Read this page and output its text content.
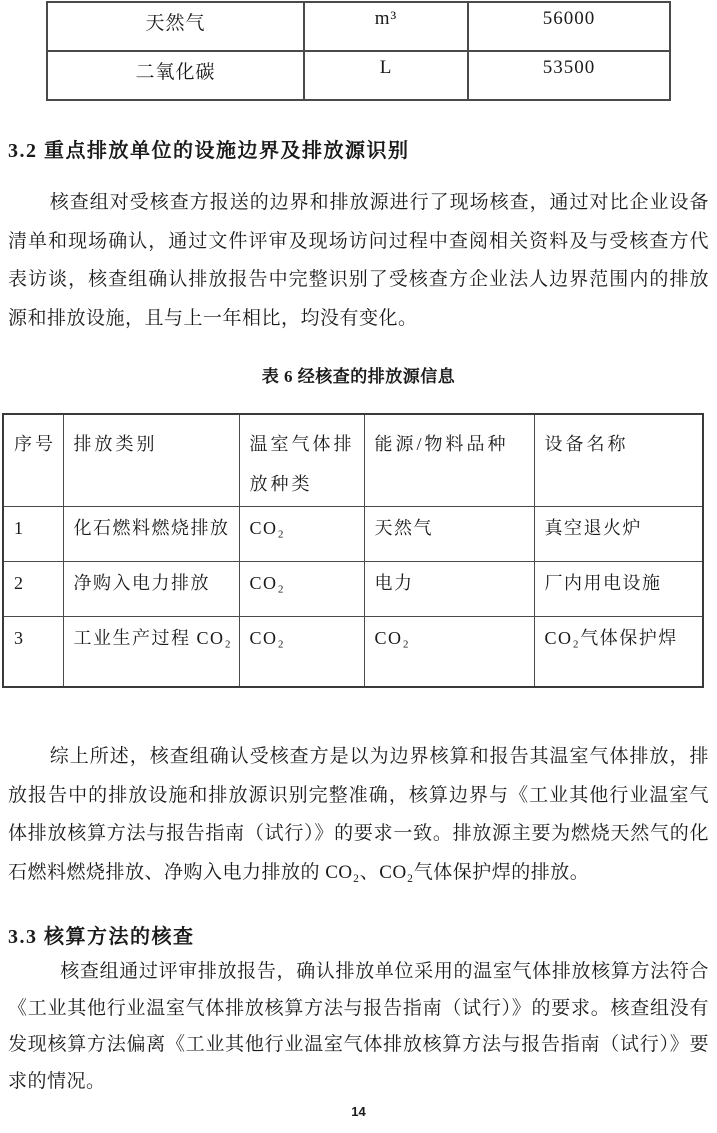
天然气	m³	56000
二氧化碳	L	53500
3.2 重点排放单位的设施边界及排放源识别
核查组对受核查方报送的边界和排放源进行了现场核查，通过对比企业设备清单和现场确认，通过文件评审及现场访问过程中查阅相关资料及与受核查方代表访谈，核查组确认排放报告中完整识别了受核查方企业法人边界范围内的排放源和排放设施，且与上一年相比，均没有变化。
表 6 经核查的排放源信息
序号	排放类别	温室气体排放种类	能源/物料品种	设备名称
1	化石燃料燃烧排放	CO₂	天然气	真空退火炉
2	净购入电力排放	CO₂	电力	厂内用电设施
3	工业生产过程 CO₂	CO₂	CO₂	CO₂气体保护焊
综上所述，核查组确认受核查方是以为边界核算和报告其温室气体排放，排放报告中的排放设施和排放源识别完整准确，核算边界与《工业其他行业温室气体排放核算方法与报告指南（试行）》的要求一致。排放源主要为燃烧天然气的化石燃料燃烧排放、净购入电力排放的 CO₂、CO₂气体保护焊的排放。
3.3 核算方法的核查
核查组通过评审排放报告，确认排放单位采用的温室气体排放核算方法符合《工业其他行业温室气体排放核算方法与报告指南（试行）》的要求。核查组没有发现核算方法偏离《工业其他行业温室气体排放核算方法与报告指南（试行）》要求的情况。
14
